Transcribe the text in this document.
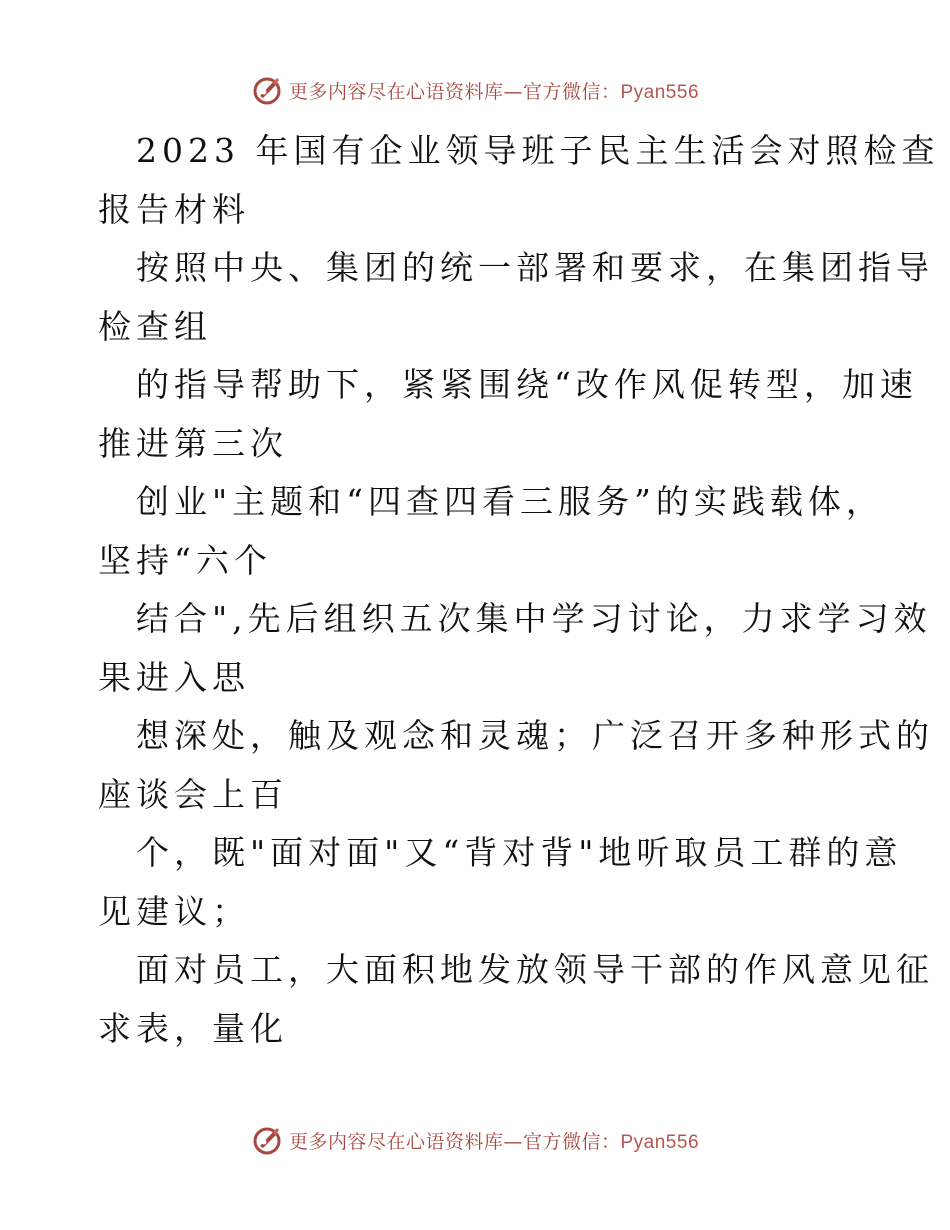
更多内容尽在心语资料库—官方微信：Pyan556
2023 年国有企业领导班子民主生活会对照检查
报告材料
按照中央、集团的统一部署和要求，在集团指导
检查组
的指导帮助下，紧紧围绕“改作风促转型，加速
推进第三次
创业"主题和“四查四看三服务”的实践载体，
坚持“六个
结合",先后组织五次集中学习讨论，力求学习效
果进入思
想深处，触及观念和灵魂；广泛召开多种形式的
座谈会上百
个，既"面对面"又“背对背"地听取员工群的意
见建议；
面对员工，大面积地发放领导干部的作风意见征
求表，量化
更多内容尽在心语资料库—官方微信：Pyan556
